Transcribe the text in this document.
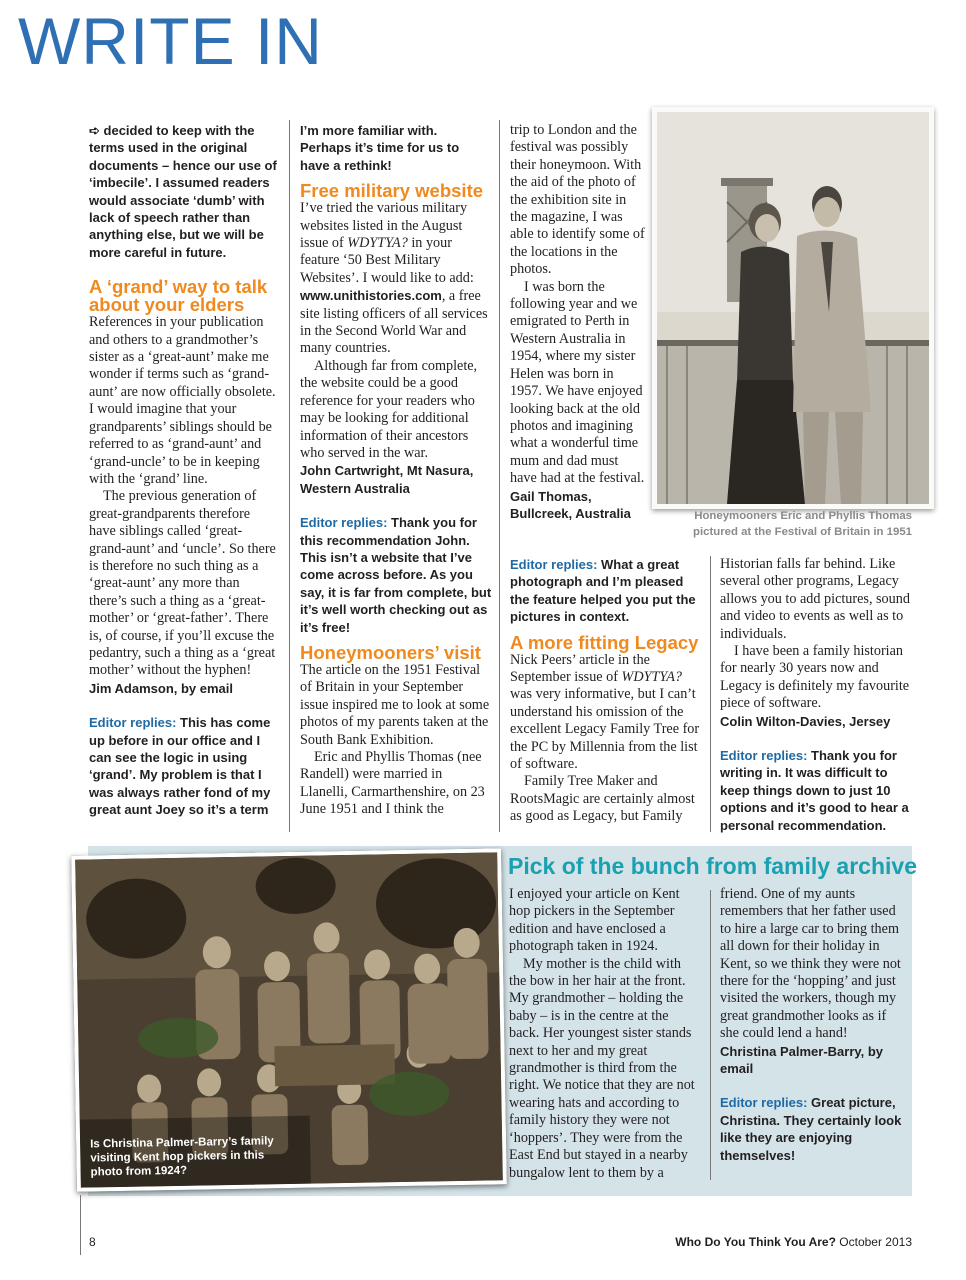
WRITE IN

➪ decided to keep with the terms used in the original documents – hence our use of ‘imbecile’. I assumed readers would associate ‘dumb’ with lack of speech rather than anything else, but we will be more careful in future.

A ‘grand’ way to talk about your elders

References in your publication and others to a grandmother’s sister as a ‘great-aunt’ make me wonder if terms such as ‘grand-aunt’ are now officially obsolete. I would imagine that your grandparents’ siblings should be referred to as ‘grand-aunt’ and ‘grand-uncle’ to be in keeping with the ‘grand’ line.

The previous generation of great-grandparents therefore have siblings called ‘great-grand-aunt’ and ‘uncle’. So there is therefore no such thing as a ‘great-aunt’ any more than there’s such a thing as a ‘great-mother’ or ‘great-father’. There is, of course, if you’ll excuse the pedantry, such a thing as a ‘great mother’ without the hyphen!

Jim Adamson, by email

Editor replies: This has come up before in our office and I can see the logic in using ‘grand’. My problem is that I was always rather fond of my great aunt Joey so it’s a term

I’m more familiar with. Perhaps it’s time for us to have a rethink!

Free military website

I’ve tried the various military websites listed in the August issue of WDYTYA? in your feature ‘50 Best Military Websites’. I would like to add: www.unithistories.com, a free site listing officers of all services in the Second World War and many countries.

Although far from complete, the website could be a good reference for your readers who may be looking for additional information of their ancestors who served in the war.

John Cartwright, Mt Nasura, Western Australia

Editor replies: Thank you for this recommendation John. This isn’t a website that I’ve come across before. As you say, it is far from complete, but it’s well worth checking out as it’s free!

Honeymooners’ visit

The article on the 1951 Festival of Britain in your September issue inspired me to look at some photos of my parents taken at the South Bank Exhibition.

Eric and Phyllis Thomas (nee Randell) were married in Llanelli, Carmarthenshire, on 23 June 1951 and I think the

trip to London and the festival was possibly their honeymoon. With the aid of the photo of the exhibition site in the magazine, I was able to identify some of the locations in the photos.

I was born the following year and we emigrated to Perth in Western Australia in 1954, where my sister Helen was born in 1957. We have enjoyed looking back at the old photos and imagining what a wonderful time mum and dad must have had at the festival.

Gail Thomas, Bullcreek, Australia

Editor replies: What a great photograph and I’m pleased the feature helped you put the pictures in context.

A more fitting Legacy

Nick Peers’ article in the September issue of WDYTYA? was very informative, but I can’t understand his omission of the excellent Legacy Family Tree for the PC by Millennia from the list of software.

Family Tree Maker and RootsMagic are certainly almost as good as Legacy, but Family

Historian falls far behind. Like several other programs, Legacy allows you to add pictures, sound and video to events as well as to individuals.

I have been a family historian for nearly 30 years now and Legacy is definitely my favourite piece of software.

Colin Wilton-Davies, Jersey

Editor replies: Thank you for writing in. It was difficult to keep things down to just 10 options and it’s good to hear a personal recommendation.

Honeymooners Eric and Phyllis Thomas pictured at the Festival of Britain in 1951
Is Christina Palmer-Barry’s family visiting Kent hop pickers in this photo from 1924?
Pick of the bunch from family archive

I enjoyed your article on Kent hop pickers in the September edition and have enclosed a photograph taken in 1924.

My mother is the child with the bow in her hair at the front. My grandmother – holding the baby – is in the centre at the back. Her youngest sister stands next to her and my great grandmother is third from the right. We notice that they are not wearing hats and according to family history they were not ‘hoppers’. They were from the East End but stayed in a nearby bungalow lent to them by a

friend. One of my aunts remembers that her father used to hire a large car to bring them all down for their holiday in Kent, so we think they were not there for the ‘hopping’ and just visited the workers, though my great grandmother looks as if she could lend a hand!

Christina Palmer-Barry, by email

Editor replies: Great picture, Christina. They certainly look like they are enjoying themselves!

8	Who Do You Think You Are? October 2013
